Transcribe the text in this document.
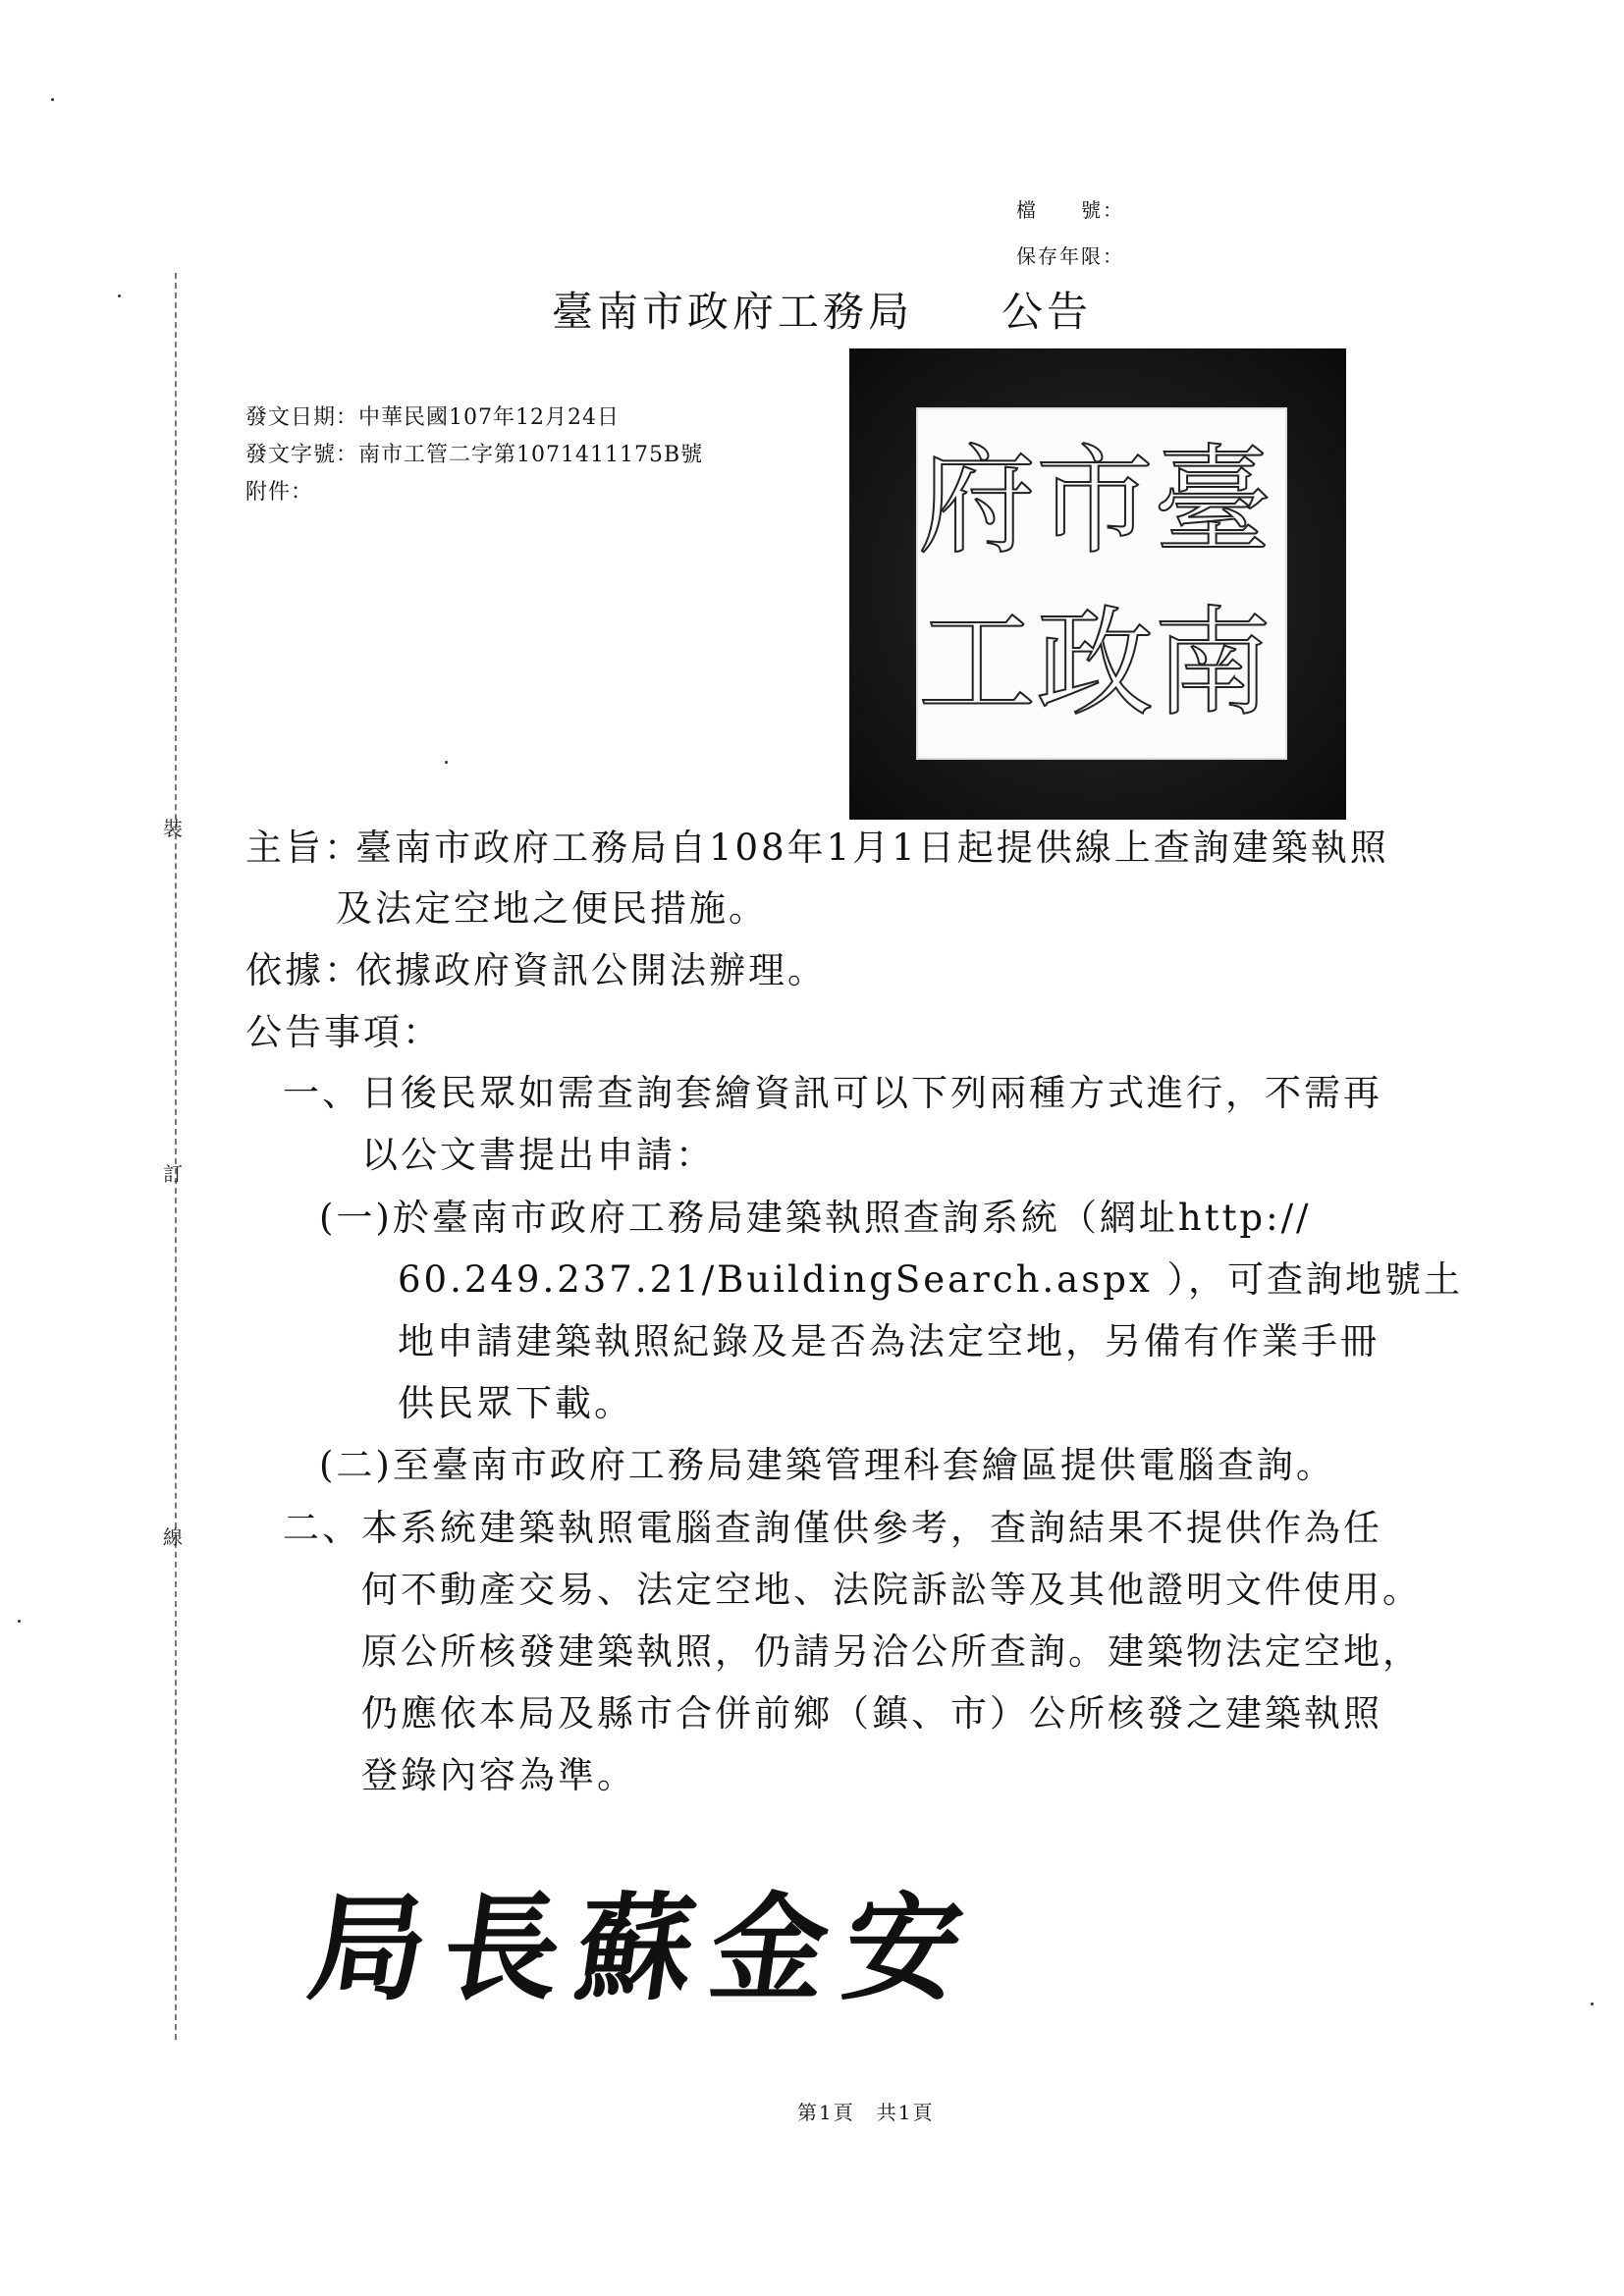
檔　　號：
保存年限：
裝
訂
線
臺南市政府工務局 公告
發文日期：中華民國107年12月24日
發文字號：南市工管二字第1071411175B號
附件：	臺
南
市
政
府
工
主旨：
臺南市政府工務局自108年1月1日起提供線上查詢建築執照
及法定空地之便民措施。
依據：
依據政府資訊公開法辦理。
公告事項：
一、日後民眾如需查詢套繪資訊可以下列兩種方式進行，不需再
以公文書提出申請：
(一)於臺南市政府工務局建築執照查詢系統（網址http://
60.249.237.21/BuildingSearch.aspx ），可查詢地號土
地申請建築執照紀錄及是否為法定空地，另備有作業手冊
供民眾下載。
(二)至臺南市政府工務局建築管理科套繪區提供電腦查詢。
二、本系統建築執照電腦查詢僅供參考，查詢結果不提供作為任
何不動產交易、法定空地、法院訴訟等及其他證明文件使用。
原公所核發建築執照，仍請另洽公所查詢。建築物法定空地，
仍應依本局及縣市合併前鄉（鎮、市）公所核發之建築執照
登錄內容為準。
局長蘇金安
第1頁　共1頁
